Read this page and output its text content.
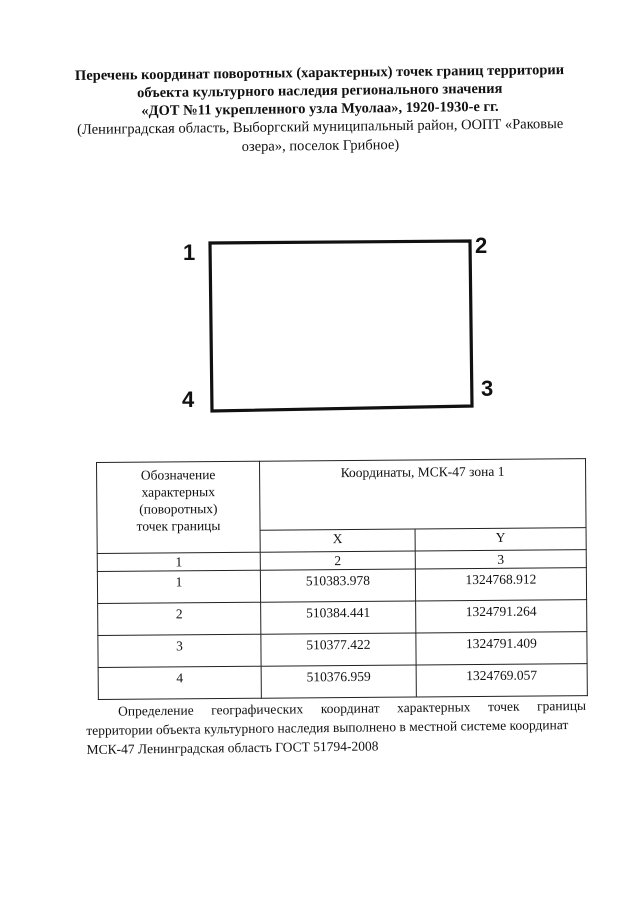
Перечень координат поворотных (характерных) точек границ территории
объекта культурного наследия регионального значения
«ДОТ №11 укрепленного узла Муолаа», 1920-1930-е гг.
(Ленинградская область, Выборгский муниципальный район, ООПТ «Раковые
озера», поселок Грибное)
1	2
3
4
Обозначение
характерных
(поворотных)
точек границы	Координаты, МСК-47 зона 1	
	X	Y
1	2	3
1	510383.978	1324768.912
2	510384.441	1324791.264
3	510377.422	1324791.409
4	510376.959	1324769.057
Определение географических координат характерных точек границы
территории объекта культурного наследия выполнено в местной системе координат
МСК-47 Ленинградская область ГОСТ 51794-2008
